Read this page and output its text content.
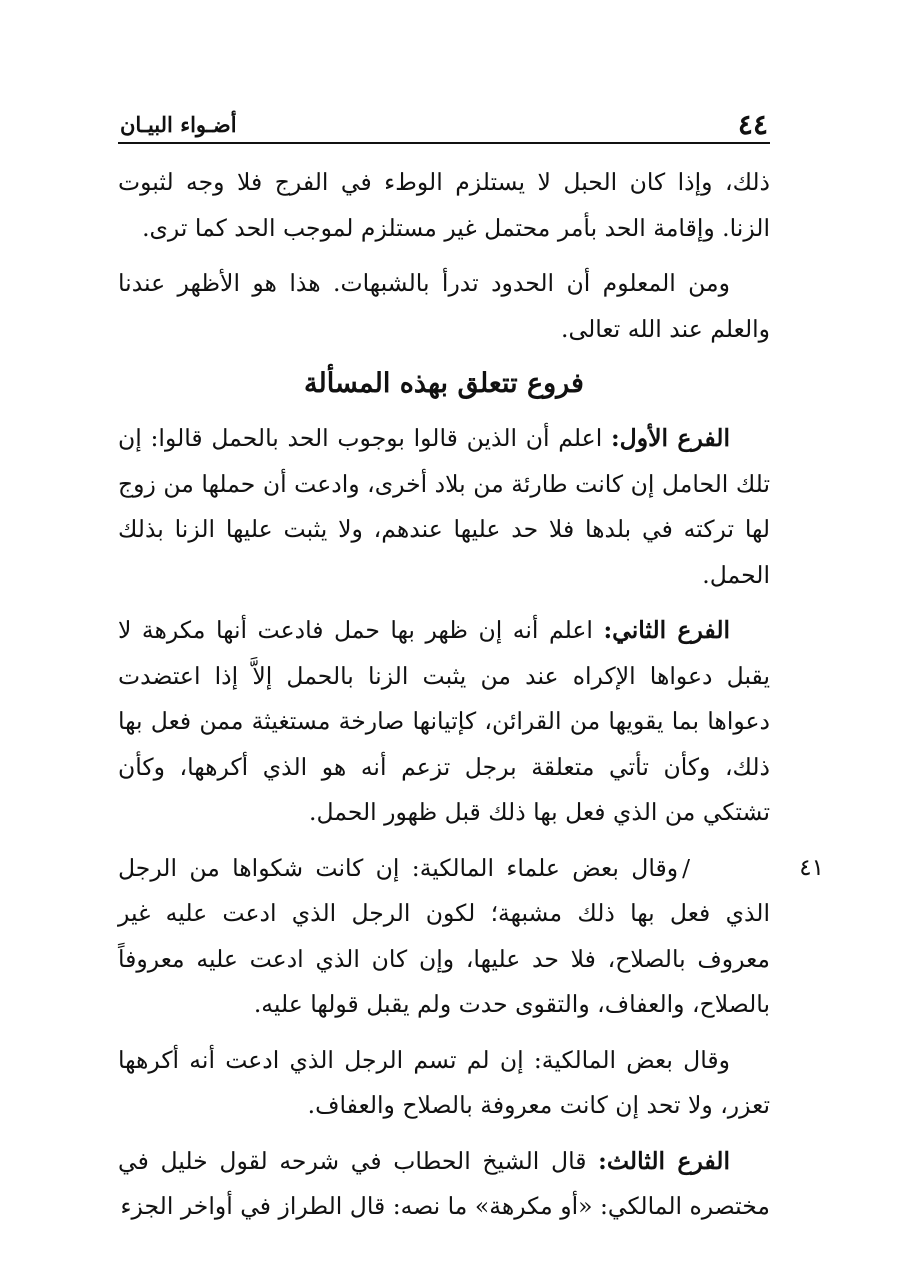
٤٤
أضـواء البيـان

ذلك، وإذا كان الحبل لا يستلزم الوطء في الفرج فلا وجه لثبوت الزنا. وإقامة الحد بأمر محتمل غير مستلزم لموجب الحد كما ترى.

ومن المعلوم أن الحدود تدرأ بالشبهات. هذا هو الأظهر عندنا والعلم عند الله تعالى.

فروع تتعلق بهذه المسألة

الفرع الأول: اعلم أن الذين قالوا بوجوب الحد بالحمل قالوا: إن تلك الحامل إن كانت طارئة من بلاد أخرى، وادعت أن حملها من زوج لها تركته في بلدها فلا حد عليها عندهم، ولا يثبت عليها الزنا بذلك الحمل.

الفرع الثاني: اعلم أنه إن ظهر بها حمل فادعت أنها مكرهة لا يقبل دعواها الإكراه عند من يثبت الزنا بالحمل إلاَّ إذا اعتضدت دعواها بما يقويها من القرائن، كإتيانها صارخة مستغيثة ممن فعل بها ذلك، وكأن تأتي متعلقة برجل تزعم أنه هو الذي أكرهها، وكأن تشتكي من الذي فعل بها ذلك قبل ظهور الحمل.

٤١
/وقال بعض علماء المالكية: إن كانت شكواها من الرجل الذي فعل بها ذلك مشبهة؛ لكون الرجل الذي ادعت عليه غير معروف بالصلاح، فلا حد عليها، وإن كان الذي ادعت عليه معروفاً بالصلاح، والعفاف، والتقوى حدت ولم يقبل قولها عليه.

وقال بعض المالكية: إن لم تسم الرجل الذي ادعت أنه أكرهها تعزر، ولا تحد إن كانت معروفة بالصلاح والعفاف.

الفرع الثالث: قال الشيخ الحطاب في شرحه لقول خليل في مختصره المالكي: «أو مكرهة» ما نصه: قال الطراز في أواخر الجزء
